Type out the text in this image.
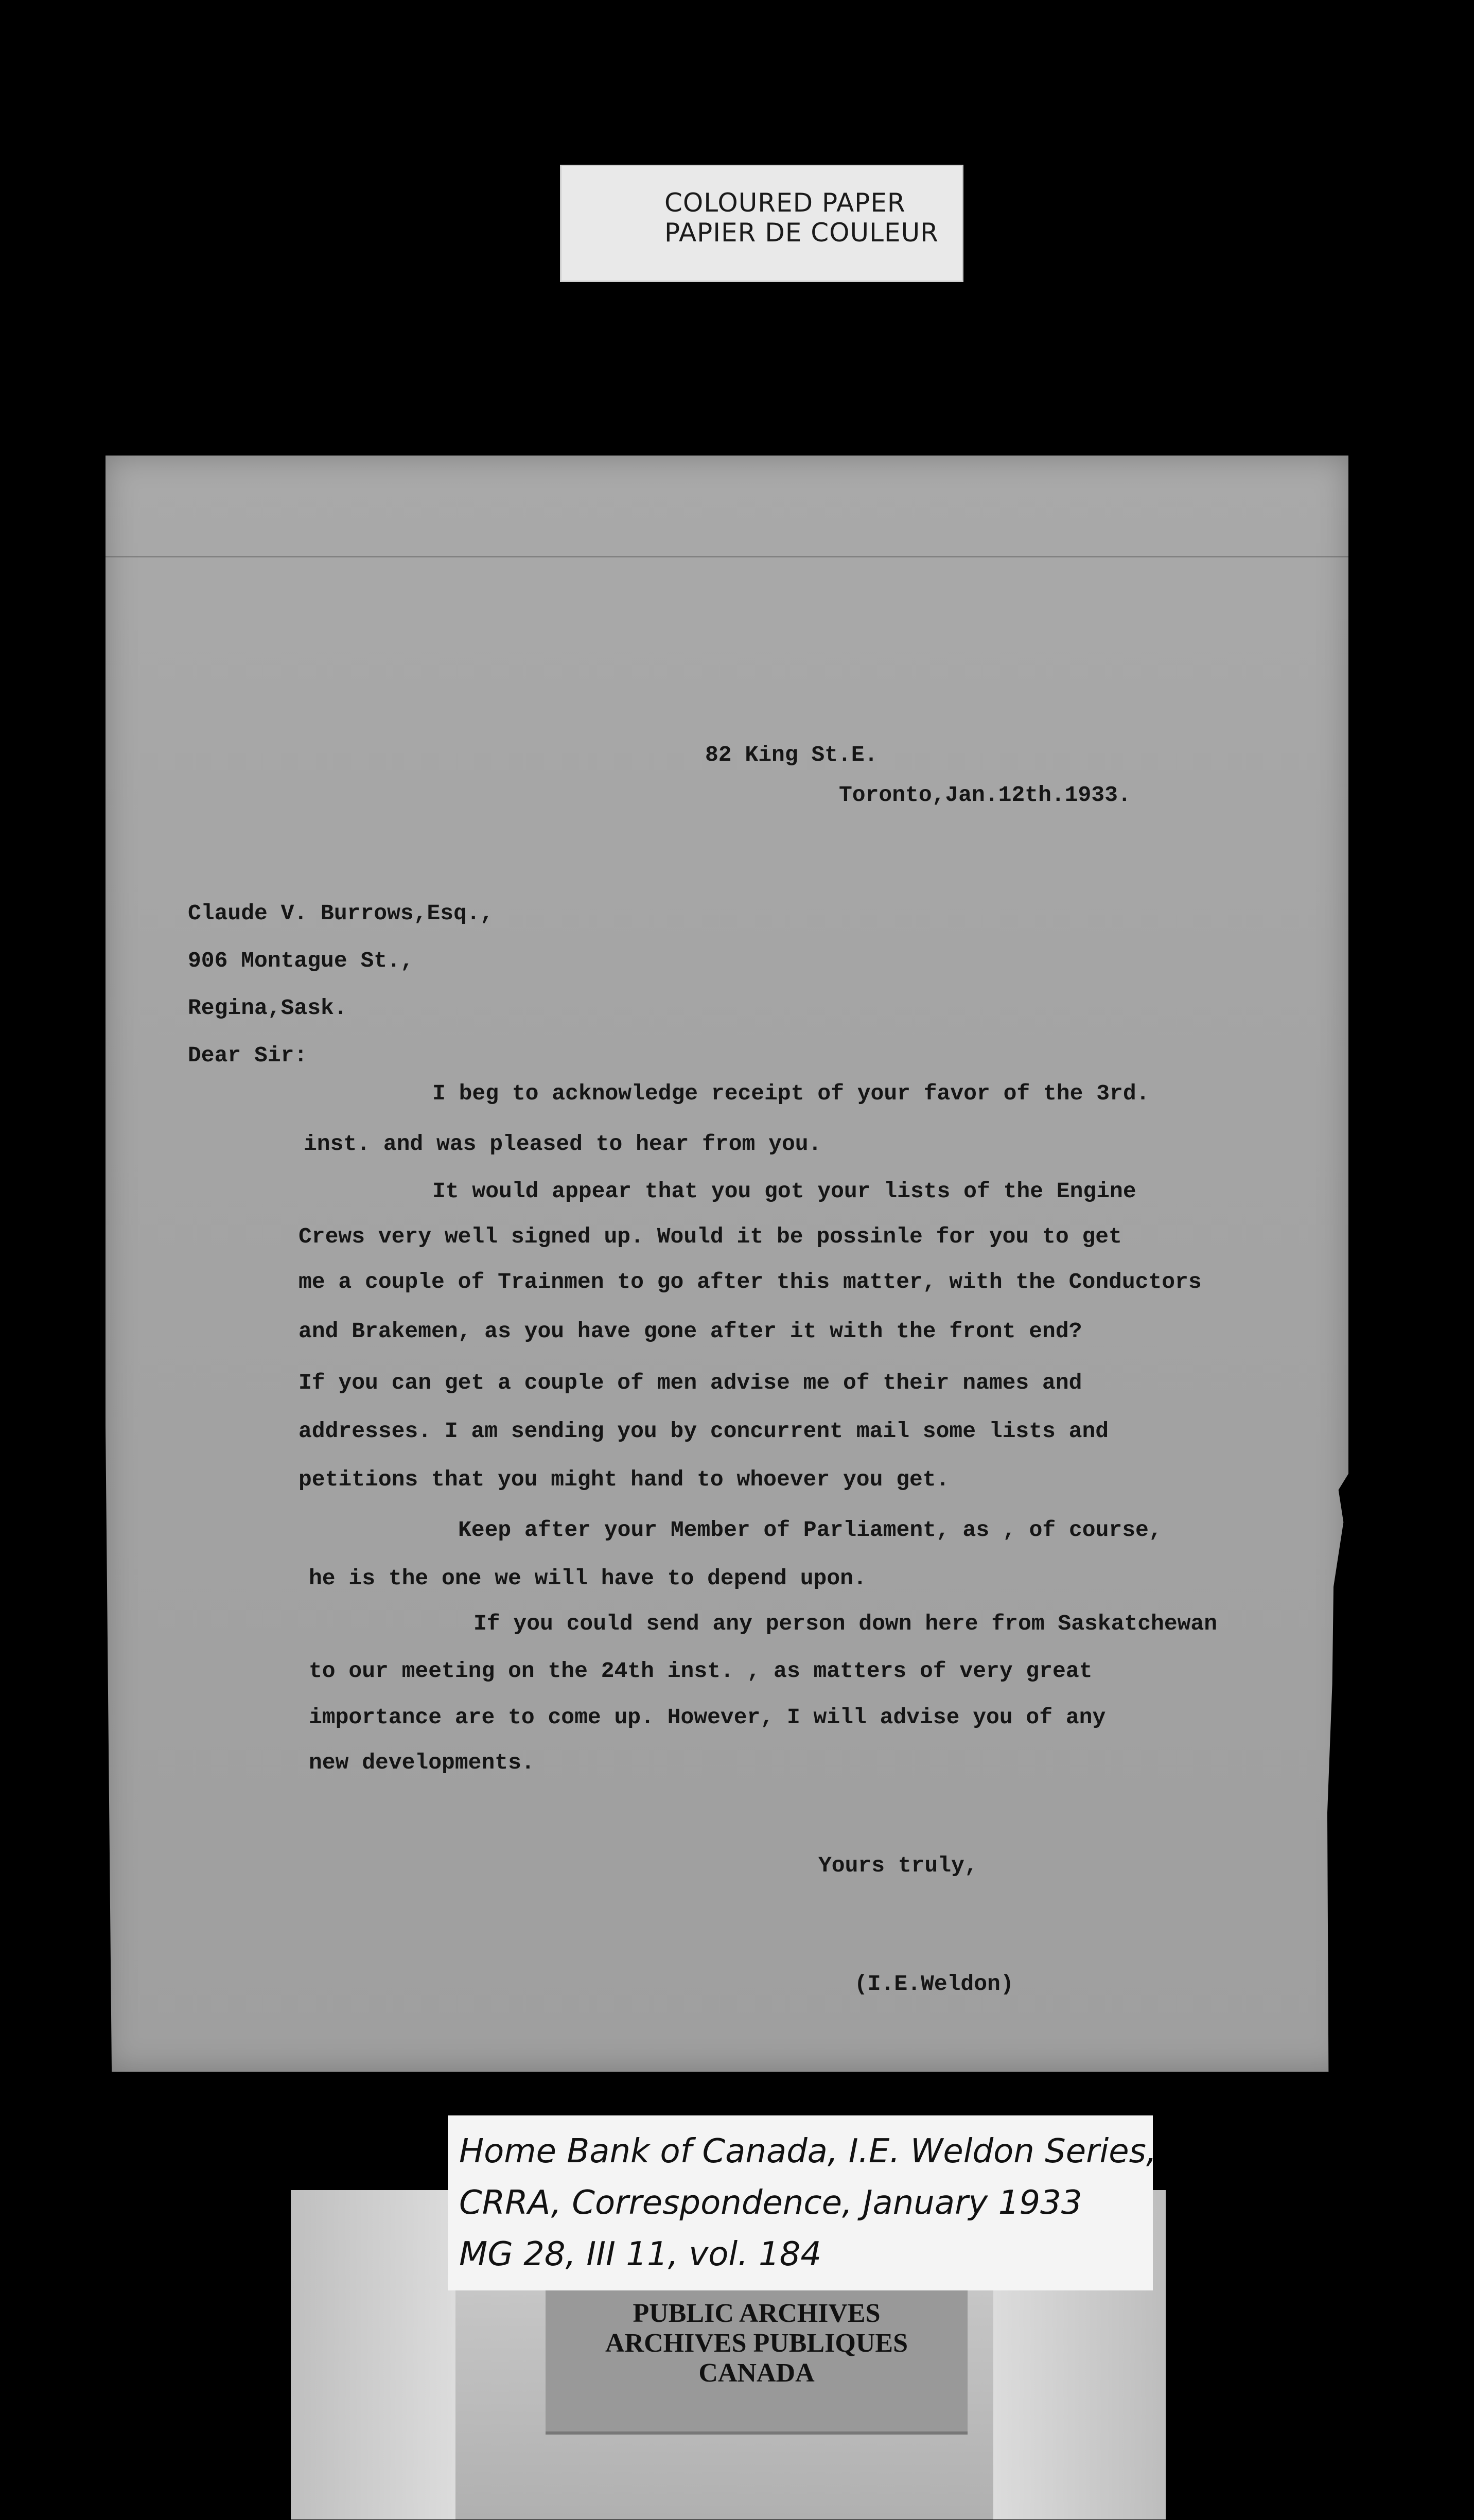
COLOURED PAPER
PAPIER DE COULEUR
82 King St.E.
Toronto,Jan.12th.1933.
Claude V. Burrows,Esq.,
906 Montague St.,
Regina,Sask.
Dear Sir:
I beg to acknowledge receipt of your favor of the 3rd.
inst. and was pleased to hear from you.
It would appear that you got your lists of the Engine
Crews very well signed up. Would it be possinle for you to get
me a couple of Trainmen to go after this matter, with the Conductors
and Brakemen, as you have gone after it with the front end?
If you can get a couple of men advise me of their names and
addresses. I am sending you by concurrent mail some lists and
petitions that you might hand to whoever you get.
Keep after your Member of Parliament, as , of course,
he is the one we will have to depend upon.
If you could send any person down here from Saskatchewan
to our meeting on the 24th inst. , as matters of very great
importance are to come up. However, I will advise you of any
new developments.
Yours truly,
(I.E.Weldon)
PUBLIC ARCHIVES
ARCHIVES PUBLIQUES
CANADA
Home Bank of Canada, I.E. Weldon Series,
CRRA, Correspondence, January 1933
MG 28, III 11, vol. 184
